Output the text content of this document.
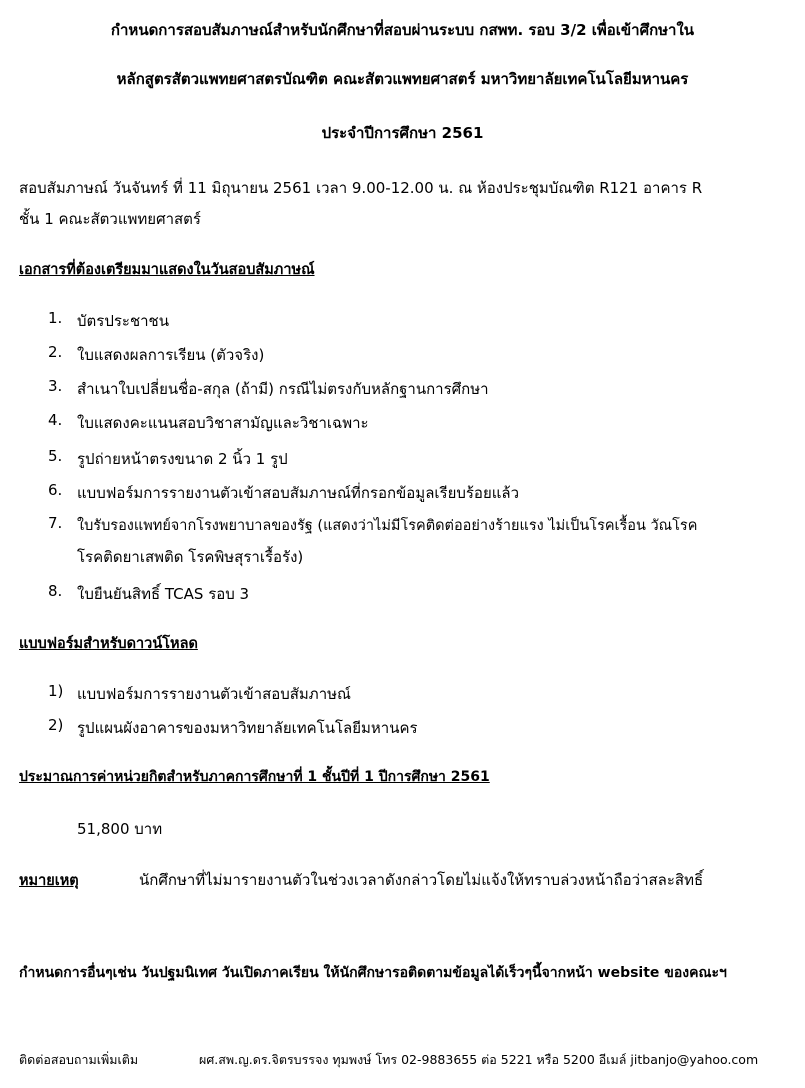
กำหนดการสอบสัมภาษณ์สำหรับนักศึกษาที่สอบผ่านระบบ กสพท. รอบ 3/2 เพื่อเข้าศึกษาใน
หลักสูตรสัตวแพทยศาสตรบัณฑิต คณะสัตวแพทยศาสตร์ มหาวิทยาลัยเทคโนโลยีมหานคร
ประจำปีการศึกษา 2561
สอบสัมภาษณ์ วันจันทร์ ที่ 11 มิถุนายน 2561 เวลา 9.00-12.00 น. ณ ห้องประชุมบัณฑิต R121 อาคาร R
ชั้น 1 คณะสัตวแพทยศาสตร์
เอกสารที่ต้องเตรียมมาแสดงในวันสอบสัมภาษณ์
1. บัตรประชาชน
2. ใบแสดงผลการเรียน (ตัวจริง)
3. สำเนาใบเปลี่ยนชื่อ-สกุล (ถ้ามี) กรณีไม่ตรงกับหลักฐานการศึกษา
4. ใบแสดงคะแนนสอบวิชาสามัญและวิชาเฉพาะ
5. รูปถ่ายหน้าตรงขนาด 2 นิ้ว 1 รูป
6. แบบฟอร์มการรายงานตัวเข้าสอบสัมภาษณ์ที่กรอกข้อมูลเรียบร้อยแล้ว
7. ใบรับรองแพทย์จากโรงพยาบาลของรัฐ (แสดงว่าไม่มีโรคติดต่ออย่างร้ายแรง ไม่เป็นโรคเรื้อน วัณโรค
โรคติดยาเสพติด โรคพิษสุราเรื้อรัง)
8. ใบยืนยันสิทธิ์ TCAS รอบ 3
แบบฟอร์มสำหรับดาวน์โหลด
1) แบบฟอร์มการรายงานตัวเข้าสอบสัมภาษณ์
2) รูปแผนผังอาคารของมหาวิทยาลัยเทคโนโลยีมหานคร
ประมาณการค่าหน่วยกิตสำหรับภาคการศึกษาที่ 1 ชั้นปีที่ 1 ปีการศึกษา 2561
51,800 บาท
หมายเหตุ	นักศึกษาที่ไม่มารายงานตัวในช่วงเวลาดังกล่าวโดยไม่แจ้งให้ทราบล่วงหน้าถือว่าสละสิทธิ์
กำหนดการอื่นๆเช่น วันปฐมนิเทศ วันเปิดภาคเรียน ให้นักศึกษารอติดตามข้อมูลได้เร็วๆนี้จากหน้า website ของคณะฯ
ติดต่อสอบถามเพิ่มเติม	ผศ.สพ.ญ.ดร.จิตรบรรจง ทุมพงษ์ โทร 02-9883655 ต่อ 5221 หรือ 5200 อีเมล์ jitbanjo@yahoo.com
